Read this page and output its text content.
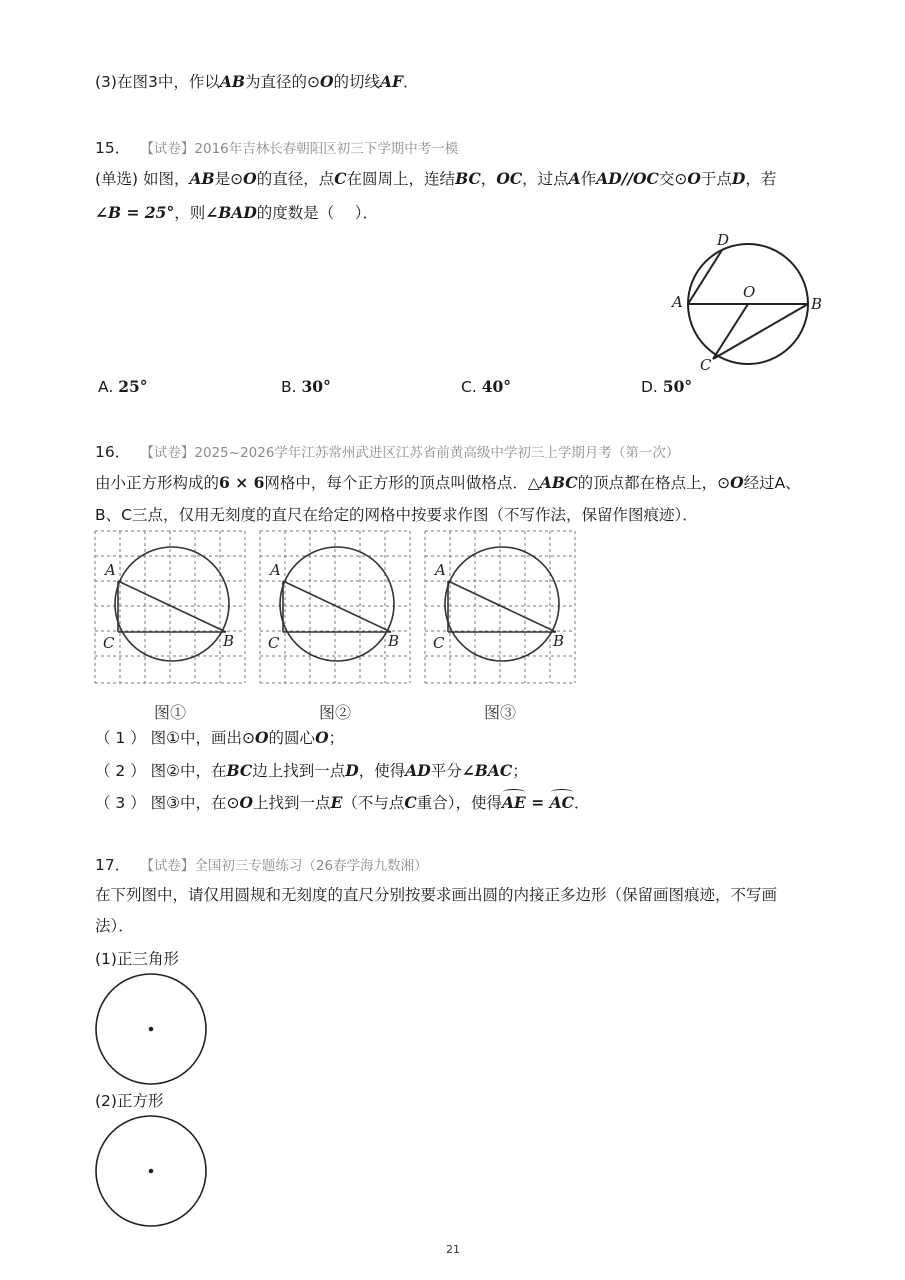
(3)在图3中，作以AB为直径的⊙O的切线AF．
15． 【试卷】2016年吉林长春朝阳区初三下学期中考一模
(单选) 如图，AB是⊙O的直径，点C在圆周上，连结BC，OC，过点A作AD//OC交⊙O于点D，若
∠B = 25°，则∠BAD的度数是（　 ）．
A	B
C
D
O
A. 25°	B. 30°	C. 40°	D. 50°
16． 【试卷】2025~2026学年江苏常州武进区江苏省前黄高级中学初三上学期月考（第一次）
由小正方形构成的6 × 6网格中，每个正方形的顶点叫做格点．△ABC的顶点都在格点上，⊙O经过A、
B、C三点，仅用无刻度的直尺在给定的网格中按要求作图（不写作法，保留作图痕迹）．
A
C	B
图①
A
C	B
图②
A
C	B
图③
（ 1 ） 图①中，画出⊙O的圆心O；
（ 2 ） 图②中，在BC边上找到一点D，使得AD平分∠BAC；
（ 3 ） 图③中，在⊙O上找到一点E（不与点C重合），使得AE = AC．
17． 【试卷】全国初三专题练习（26春学海九数湘）
在下列图中，请仅用圆规和无刻度的直尺分别按要求画出圆的内接正多边形（保留画图痕迹，不写画
法）．
(1)正三角形
(2)正方形
21
